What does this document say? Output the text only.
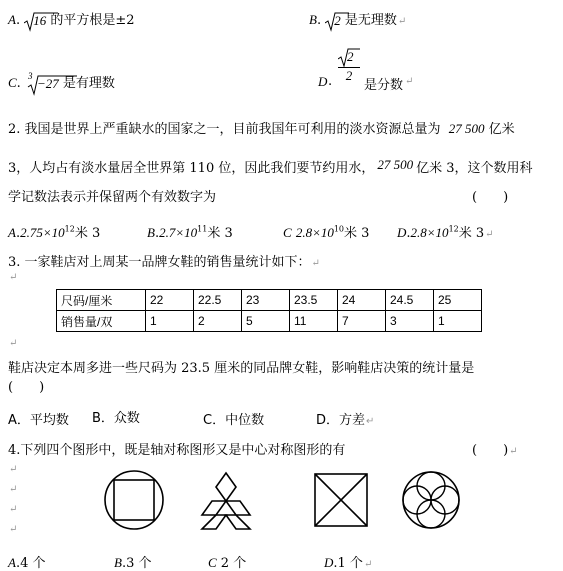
A. 16 的平方根是±2	B. 2 是无理数↵
C. 3 −27 是有理数	D .
2
2
是分数 ↵
2. 我国是世界上严重缺水的国家之一，目前我国年可利用的淡水资源总量为 27 500 亿米
3，人均占有淡水量居全世界第 110 位，因此我们要节约用水， 27 500 亿米 3，这个数用科
学记数法表示并保留两个有效数字为	(　　)
$A.2.75\times 10^{12}$米 3	$B.2.7\times 10^{11}$米 3	C $2.8\times 10^{10}$米 3 $D.2.8\times 10^{12}$米 3↵
3. 一家鞋店对上周某一品牌女鞋的销售量统计如下：↵
↵
尺码/厘米	22	22.5	23	23.5	24	24.5	25
销售量/双	1	2	5	11	7	3	1
↵
鞋店决定本周多进一些尺码为 23.5 厘米的同品牌女鞋，影响鞋店决策的统计量是
(　　)
A．平均数 B．众数	C．中位数	D．方差↵
4.下列四个图形中，既是轴对称图形又是中心对称图形的有	(　　)↵
↵
↵
↵
↵
A.4 个	B.3 个	C 2 个	D.1 个↵
